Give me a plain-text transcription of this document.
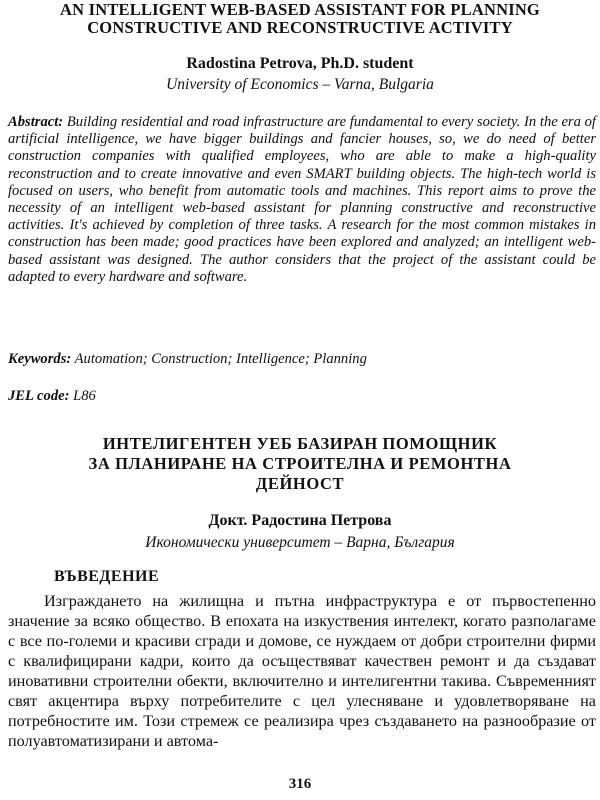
AN INTELLIGENT WEB-BASED ASSISTANT FOR PLANNING
CONSTRUCTIVE AND RECONSTRUCTIVE ACTIVITY
Radostina Petrova, Ph.D. student
University of Economics – Varna, Bulgaria

Abstract: Building residential and road infrastructure are fundamental to every society. In the era of artificial intelligence, we have bigger buildings and fancier houses, so, we do need of better construction companies with qualified employees, who are able to make a high-quality reconstruction and to create innovative and even SMART building objects. The high-tech world is focused on users, who benefit from automatic tools and machines. This report aims to prove the necessity of an intelligent web-based assistant for planning constructive and reconstructive activities. It's achieved by completion of three tasks. A research for the most common mistakes in construction has been made; good practices have been explored and analyzed; an intelligent web-based assistant was designed. The author considers that the project of the assistant could be adapted to every hardware and software.

Keywords: Automation; Construction; Intelligence; Planning

JEL code: L86

ИНТЕЛИГЕНТЕН УЕБ БАЗИРАН ПОМОЩНИК
ЗА ПЛАНИРАНЕ НА СТРОИТЕЛНА И РЕМОНТНА
ДЕЙНОСТ
Докт. Радостина Петрова
Икономически университет – Варна, България
ВЪВЕДЕНИЕ

Изграждането на жилищна и пътна инфраструктура е от първостепенно значение за всяко общество. В епохата на изкуствения интелект, когато разполагаме с все по-големи и красиви сгради и домове, се нуждаем от добри строителни фирми с квалифицирани кадри, които да осъществяват качествен ремонт и да създават иновативни строителни обекти, включително и интелигентни такива. Съвременният свят акцентира върху потребителите с цел улесняване и удовлетворяване на потребностите им. Този стремеж се реализира чрез създаването на разнообразие от полуавтоматизирани и автома-

316
